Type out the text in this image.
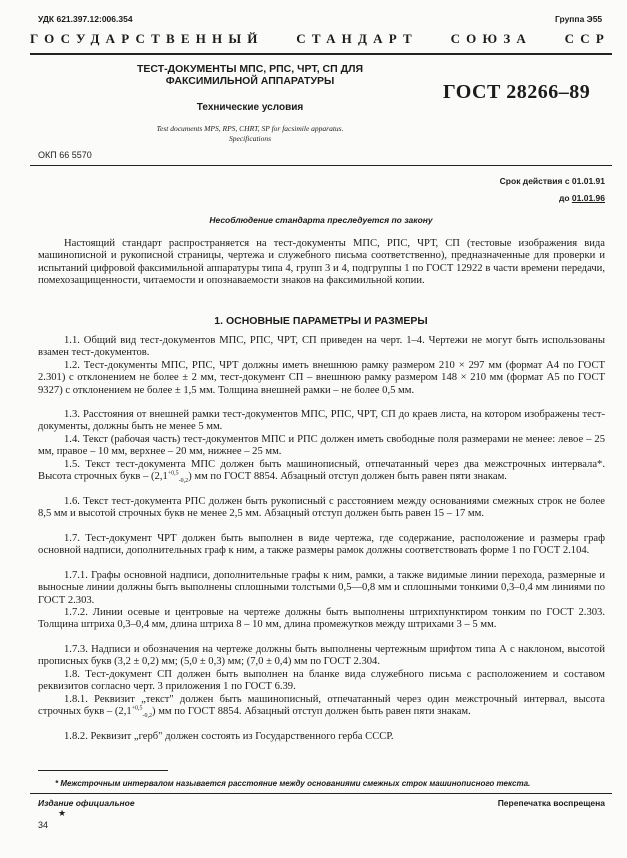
УДК 621.397.12:006.354	Группа Э55
ГОСУДАРСТВЕННЫЙ	СТАНДАРТ	СОЮЗА	ССР
ТЕСТ-ДОКУМЕНТЫ МПС, РПС, ЧРТ, СП ДЛЯ
ФАКСИМИЛЬНОЙ АППАРАТУРЫ
Технические условия
Test documents MPS, RPS, CHRT, SP for facsimile apparatus.
Specifications
ГОСТ 28266–89
ОКП 66 5570
Срок действия с 01.01.91
до 01.01.96
Несоблюдение стандарта преследуется по закону
Настоящий стандарт распространяется на тест-документы МПС, РПС, ЧРТ, СП (тестовые изображения вида машинописной и рукописной страницы, чертежа и служебного письма соответственно), предназначенные для проверки и испытаний цифровой факсимильной аппаратуры типа 4, групп 3 и 4, подгруппы 1 по ГОСТ 12922 в части времени передачи, помехозащищенности, читаемости и опознаваемости знаков на факсимильной копии.
1. ОСНОВНЫЕ ПАРАМЕТРЫ И РАЗМЕРЫ
1.1. Общий вид тест-документов МПС, РПС, ЧРТ, СП приведен на черт. 1–4. Чертежи не могут быть использованы взамен тест-документов.
1.2. Тест-документы МПС, РПС, ЧРТ должны иметь внешнюю рамку размером 210 × 297 мм (формат А4 по ГОСТ 2.301) с отклонением не более ± 2 мм, тест-документ СП – внешнюю рамку размером 148 × 210 мм (формат А5 по ГОСТ 9327) с отклонением не более ± 1,5 мм. Толщина внешней рамки – не более 0,5 мм.
1.3. Расстояния от внешней рамки тест-документов МПС, РПС, ЧРТ, СП до краев листа, на котором изображены тест-документы, должны быть не менее 5 мм.
1.4. Текст (рабочая часть) тест-документов МПС и РПС должен иметь свободные поля размерами не менее: левое – 25 мм, правое – 10 мм, верхнее – 20 мм, нижнее – 25 мм.
1.5. Текст тест-документа МПС должен быть машинописный, отпечатанный через два межстрочных интервала*. Высота строчных букв – $(2,1^{+0,5}_{-0,2})$ мм по ГОСТ 8854. Абзацный отступ должен быть равен пяти знакам.
1.6. Текст тест-документа РПС должен быть рукописный с расстоянием между основаниями смежных строк не более 8,5 мм и высотой строчных букв не менее 2,5 мм. Абзацный отступ должен быть равен 15 – 17 мм.
1.7. Тест-документ ЧРТ должен быть выполнен в виде чертежа, где содержание, расположение и размеры граф основной надписи, дополнительных граф к ним, а также размеры рамок должны соответствовать форме 1 по ГОСТ 2.104.
1.7.1. Графы основной надписи, дополнительные графы к ним, рамки, а также видимые линии перехода, размерные и выносные линии должны быть выполнены сплошными толстыми 0,5—0,8 мм и сплошными тонкими 0,3–0,4 мм линиями по ГОСТ 2.303.
1.7.2. Линии осевые и центровые на чертеже должны быть выполнены штрихпунктиром тонким по ГОСТ 2.303. Толщина штриха 0,3–0,4 мм, длина штриха 8 – 10 мм, длина промежутков между штрихами 3 – 5 мм.
1.7.3. Надписи и обозначения на чертеже должны быть выполнены чертежным шрифтом типа А с наклоном, высотой прописных букв (3,2 ± 0,2) мм; (5,0 ± 0,3) мм; (7,0 ± 0,4) мм по ГОСТ 2.304.
1.8. Тест-документ СП должен быть выполнен на бланке вида служебного письма с расположением и составом реквизитов согласно черт. 3 приложения 1 по ГОСТ 6.39.
1.8.1. Реквизит „текст" должен быть машинописный, отпечатанный через один межстрочный интервал, высота строчных букв – $(2,1^{+0,5}_{-0,2})$ мм по ГОСТ 8854. Абзацный отступ должен быть равен пяти знакам.
1.8.2. Реквизит „герб" должен состоять из Государственного герба СССР.
* Межстрочным интервалом называется расстояние между основаниями смежных строк машинописного текста.
Издание официальное
★
Перепечатка воспрещена
34
